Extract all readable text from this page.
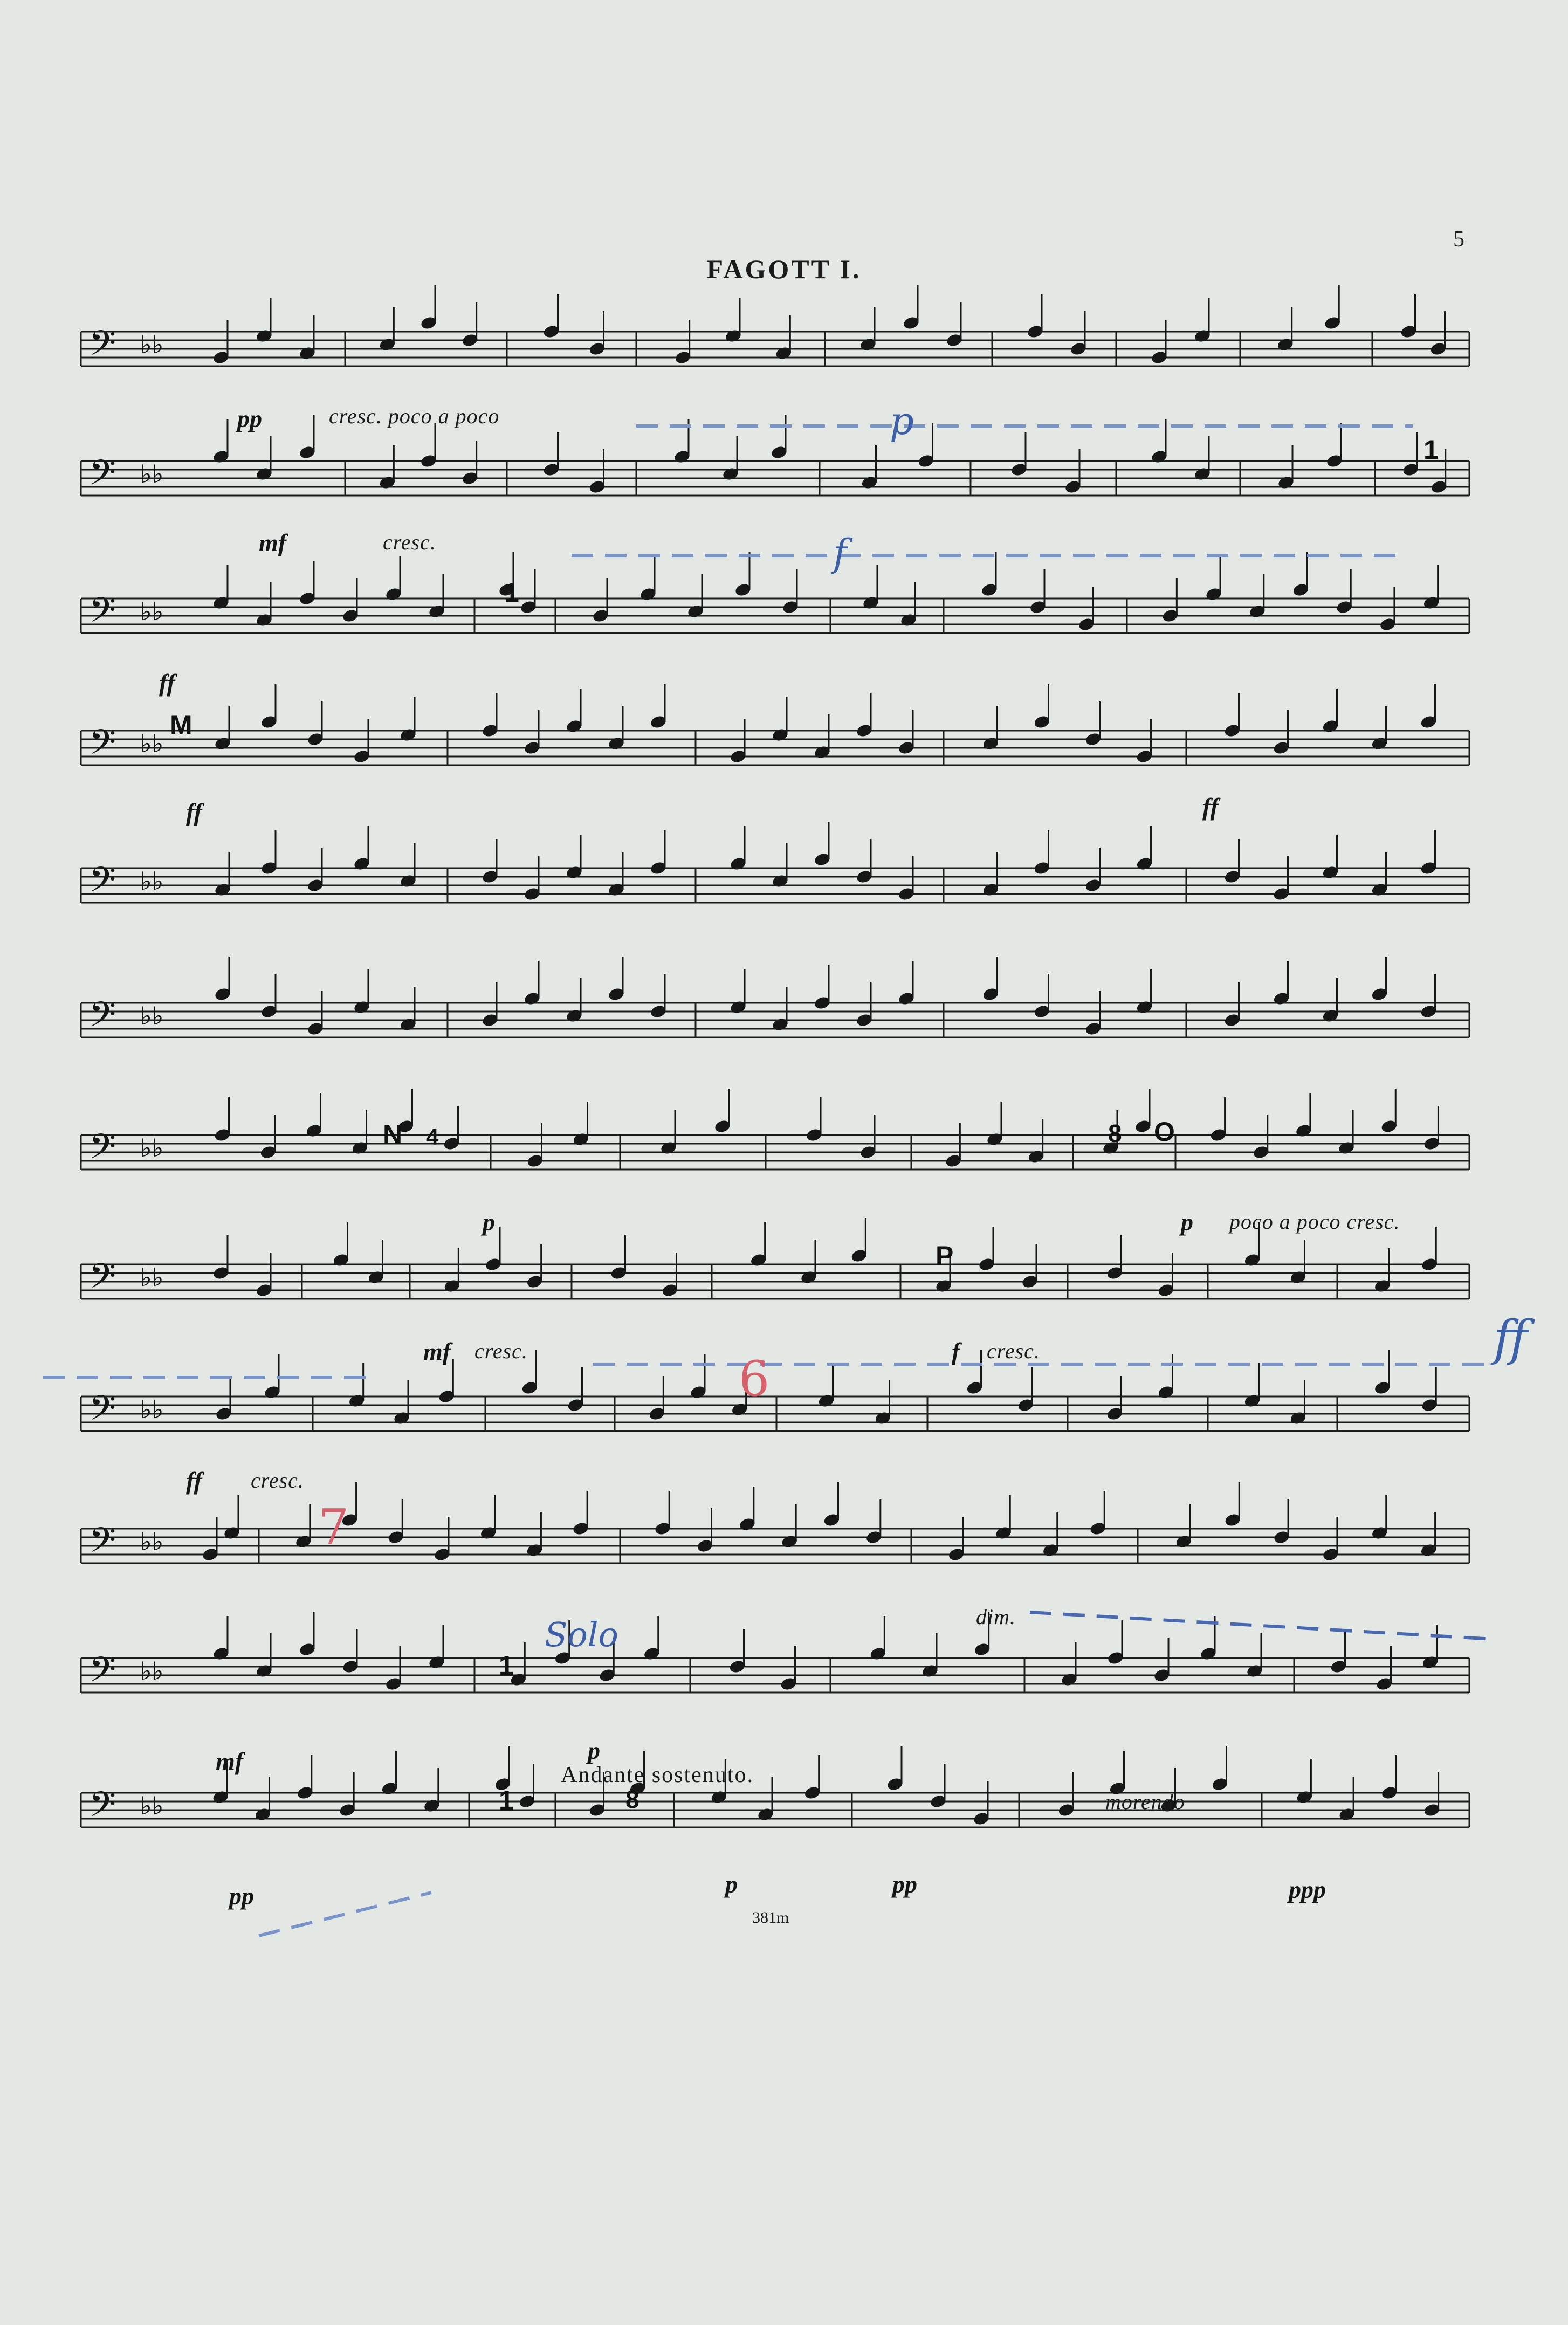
FAGOTT I.
5
𝄢 ♭♭
𝄢 ♭♭
𝄢 ♭♭
𝄢 ♭♭
𝄢 ♭♭
𝄢 ♭♭
𝄢 ♭♭
𝄢 ♭♭
𝄢 ♭♭
𝄢 ♭♭
𝄢 ♭♭
𝄢 ♭♭
pp	cresc. poco a poco	p
mf	cresc.	f
1
ff
1
M
ff	ff
N 4
p
8 O
p poco a poco cresc.
mf cresc.
P
f cresc.	ff
ff cresc.
6
7
dim.
Solo
1
mf	p
Andante sostenuto.
morendo
1	8
pp	p	pp	ppp
381m
